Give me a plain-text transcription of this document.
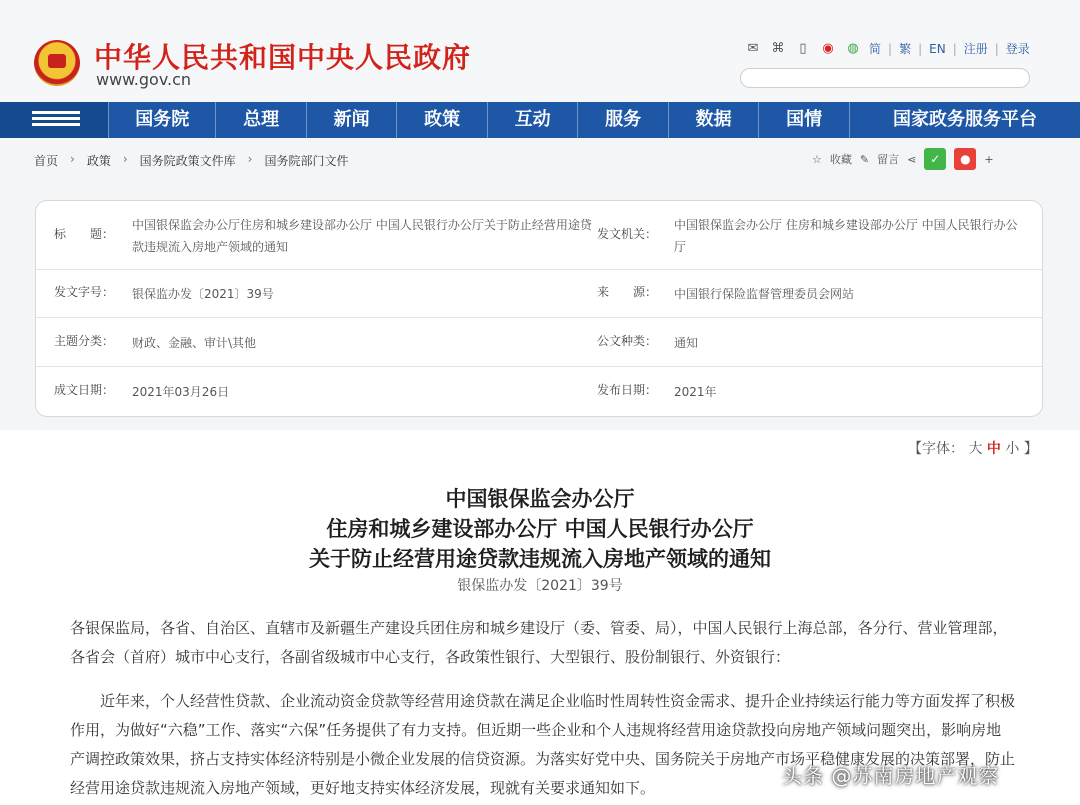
中华人民共和国中央人民政府
www.gov.cn
✉ ⌘	▯	◉ ◍ 简 | 繁 | EN | 注册 | 登录
国务院	总理	新闻	政策	互动	服务	数据	国情	国家政务服务平台
首页 › 政策 › 国务院政策文件库 › 国务院部门文件	☆ 收藏 ✎ 留言 ⋖	✓	●	+
标　　题：
中国银保监会办公厅住房和城乡建设部办公厅 中国人民银行办公厅关于防止经营用途贷款违规流入房地产领域的通知
发文机关：
中国银保监会办公厅 住房和城乡建设部办公厅 中国人民银行办公厅
发文字号： 银保监办发〔2021〕39号	来　　源： 中国银行保险监督管理委员会网站
主题分类： 财政、金融、审计\其他	公文种类： 通知
成文日期： 2021年03月26日	发布日期： 2021年
【字体： 大 中 小 】
中国银保监会办公厅
住房和城乡建设部办公厅 中国人民银行办公厅
关于防止经营用途贷款违规流入房地产领域的通知
银保监办发〔2021〕39号
各银保监局，各省、自治区、直辖市及新疆生产建设兵团住房和城乡建设厅（委、管委、局），中国人民银行上海总部，各分行、营业管理部，各省会（首府）城市中心支行，各副省级城市中心支行，各政策性银行、大型银行、股份制银行、外资银行：
近年来，个人经营性贷款、企业流动资金贷款等经营用途贷款在满足企业临时性周转性资金需求、提升企业持续运行能力等方面发挥了积极作用，为做好“六稳”工作、落实“六保”任务提供了有力支持。但近期一些企业和个人违规将经营用途贷款投向房地产领域问题突出，影响房地产调控政策效果，挤占支持实体经济特别是小微企业发展的信贷资源。为落实好党中央、国务院关于房地产市场平稳健康发展的决策部署，防止经营用途贷款违规流入房地产领域，更好地支持实体经济发展，现就有关要求通知如下。	头条 @苏南房地产观察
